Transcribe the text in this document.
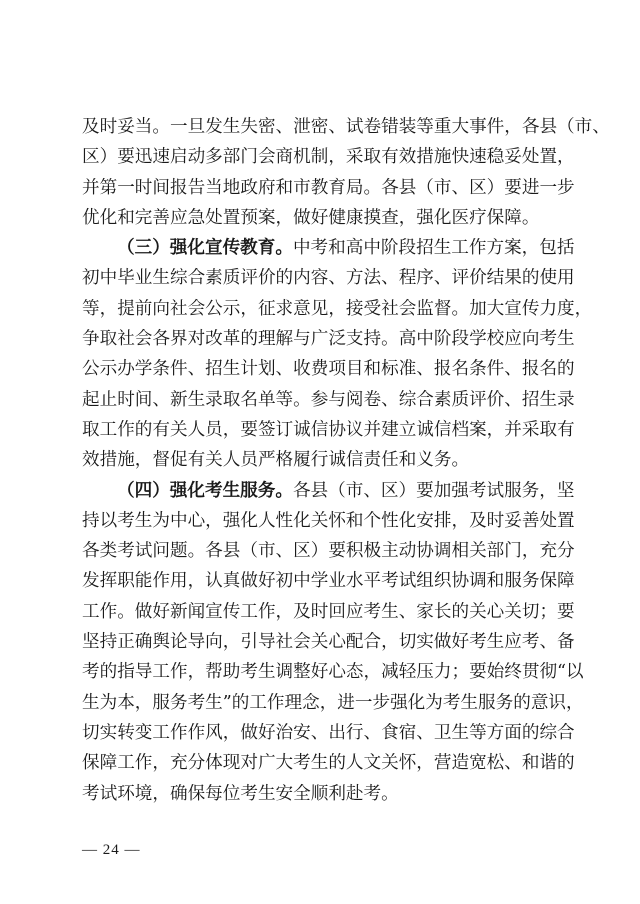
及时妥当。一旦发生失密、泄密、试卷错装等重大事件，各县（市、
区）要迅速启动多部门会商机制，采取有效措施快速稳妥处置，
并第一时间报告当地政府和市教育局。各县（市、区）要进一步
优化和完善应急处置预案，做好健康摸查，强化医疗保障。
（三）强化宣传教育。中考和高中阶段招生工作方案，包括
初中毕业生综合素质评价的内容、方法、程序、评价结果的使用
等，提前向社会公示，征求意见，接受社会监督。加大宣传力度，
争取社会各界对改革的理解与广泛支持。高中阶段学校应向考生
公示办学条件、招生计划、收费项目和标准、报名条件、报名的
起止时间、新生录取名单等。参与阅卷、综合素质评价、招生录
取工作的有关人员，要签订诚信协议并建立诚信档案，并采取有
效措施，督促有关人员严格履行诚信责任和义务。
（四）强化考生服务。各县（市、区）要加强考试服务，坚
持以考生为中心，强化人性化关怀和个性化安排，及时妥善处置
各类考试问题。各县（市、区）要积极主动协调相关部门，充分
发挥职能作用，认真做好初中学业水平考试组织协调和服务保障
工作。做好新闻宣传工作，及时回应考生、家长的关心关切；要
坚持正确舆论导向，引导社会关心配合，切实做好考生应考、备
考的指导工作，帮助考生调整好心态，减轻压力；要始终贯彻“以
生为本，服务考生”的工作理念，进一步强化为考生服务的意识，
切实转变工作作风，做好治安、出行、食宿、卫生等方面的综合
保障工作，充分体现对广大考生的人文关怀，营造宽松、和谐的
考试环境，确保每位考生安全顺利赴考。
— 24 —
